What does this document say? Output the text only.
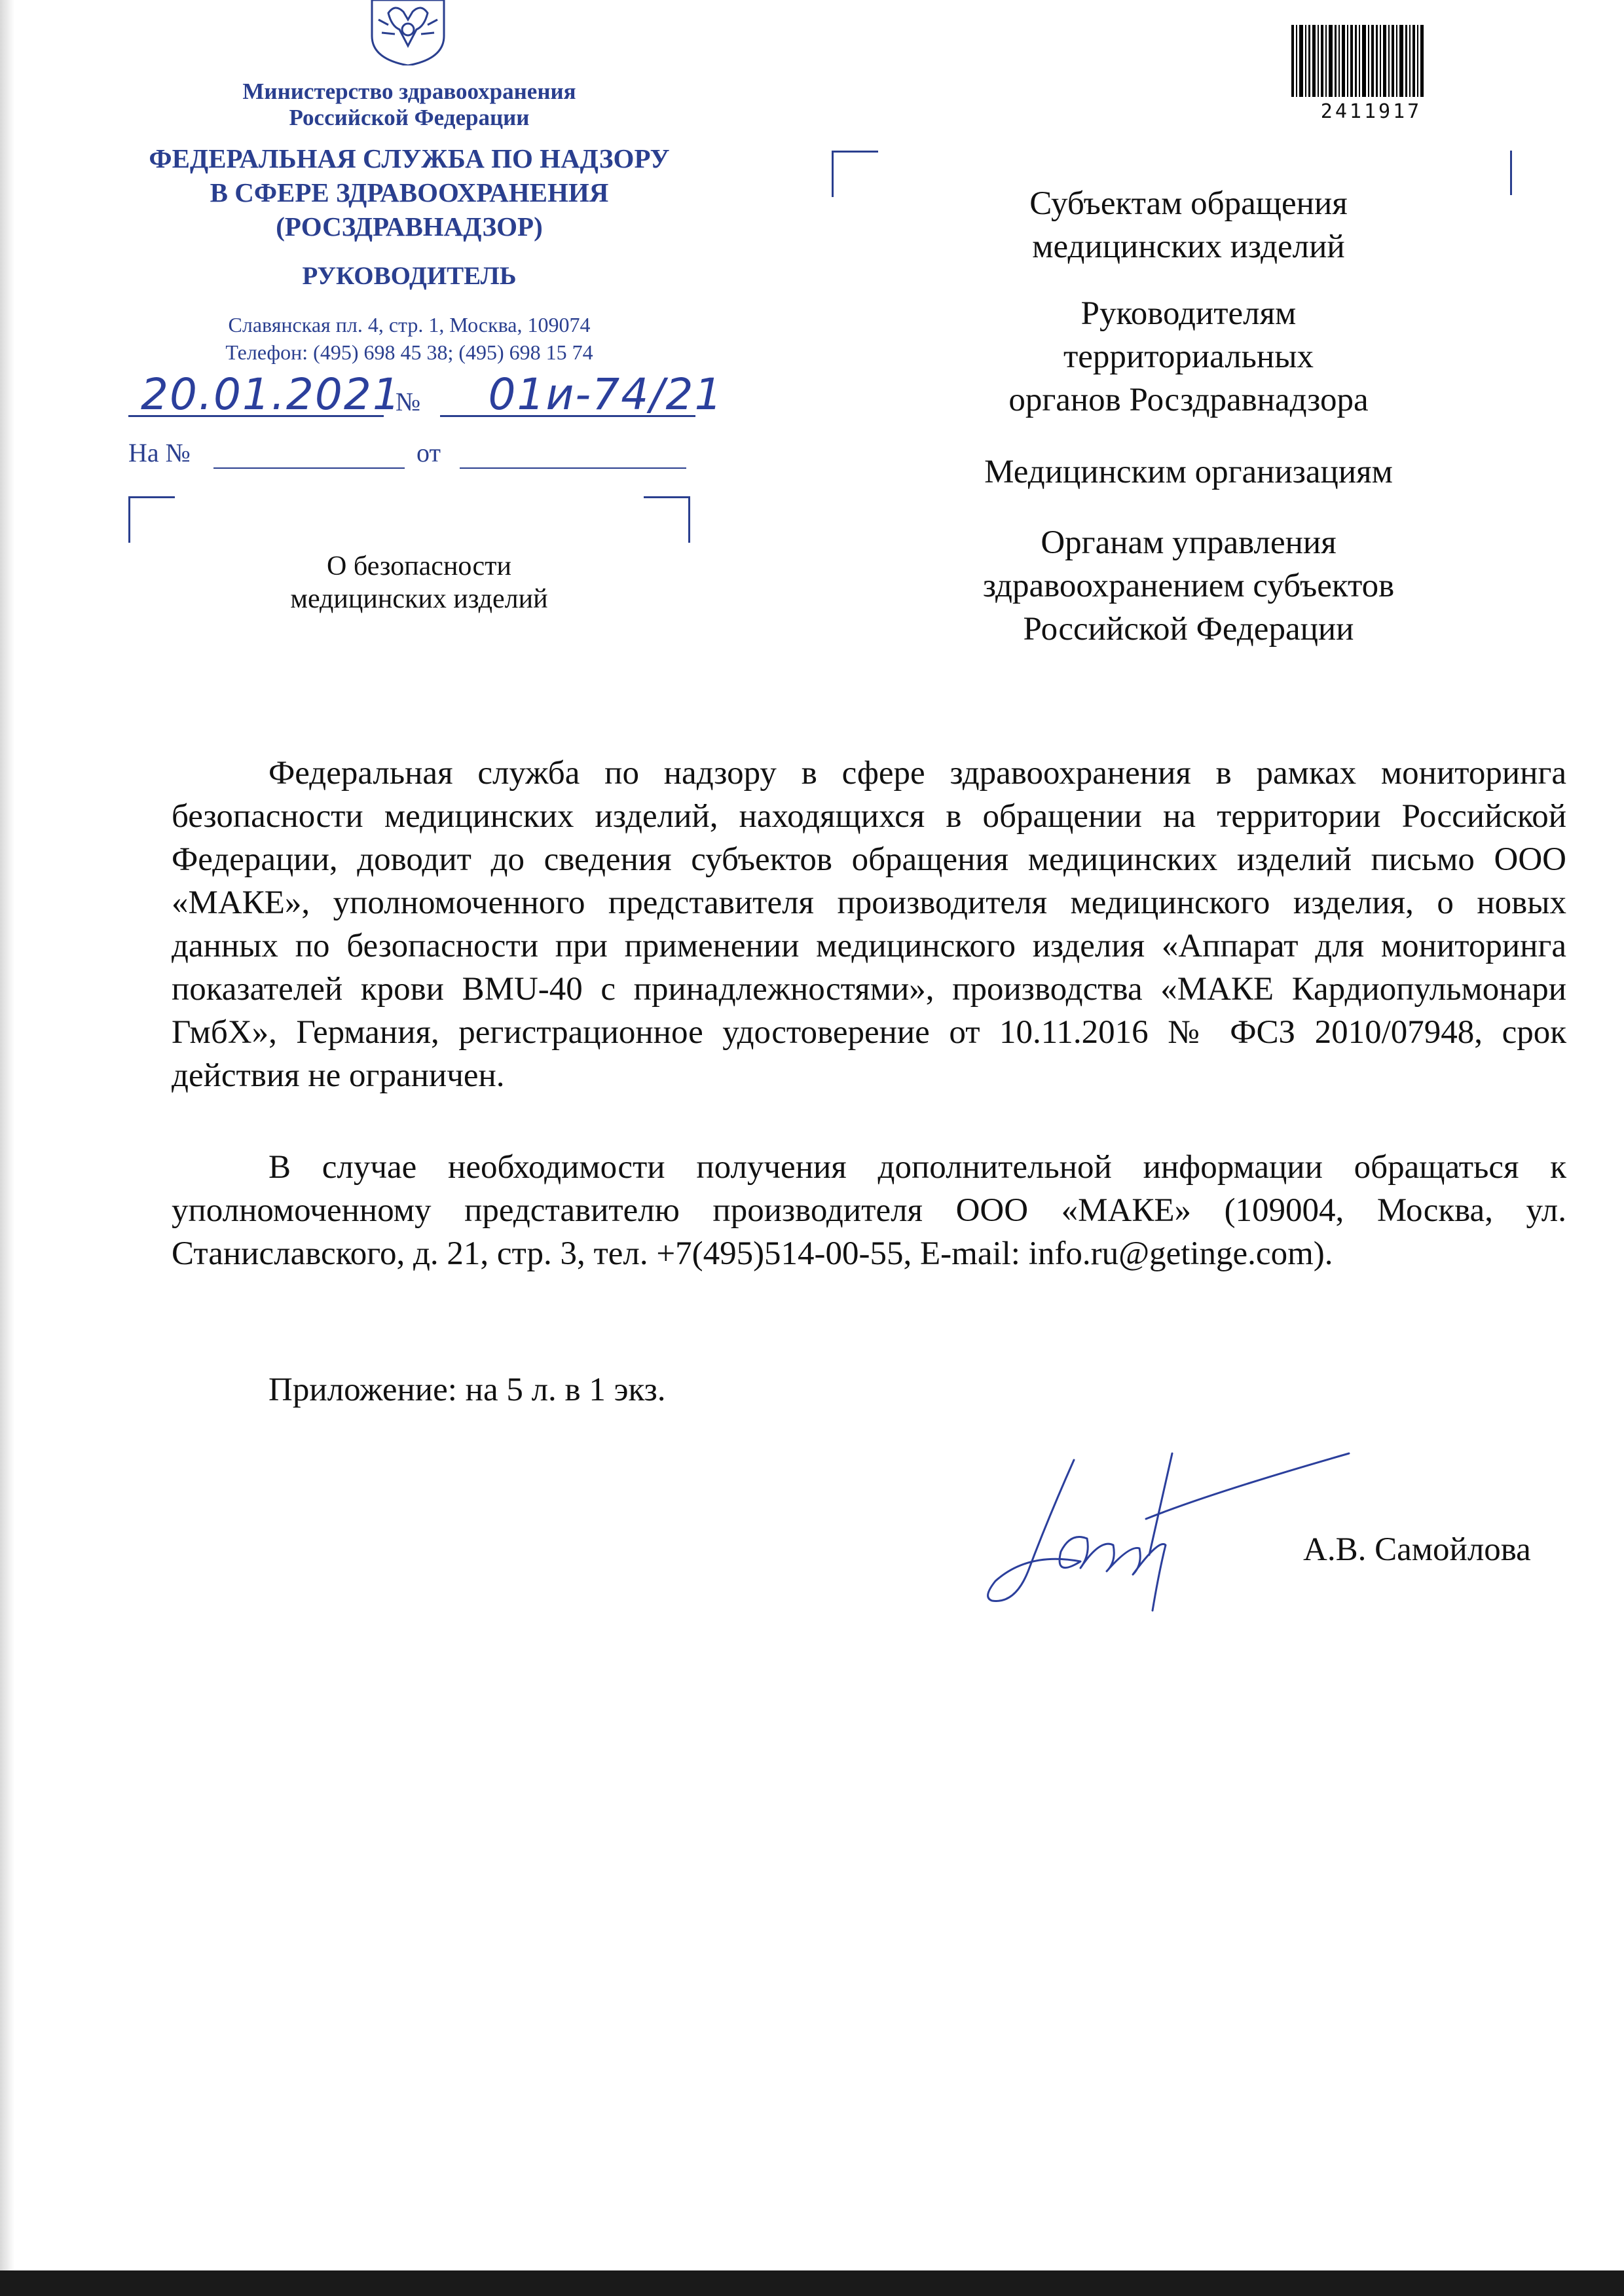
Министерство здравоохранения
Российской Федерации
ФЕДЕРАЛЬНАЯ СЛУЖБА ПО НАДЗОРУ
В СФЕРЕ ЗДРАВООХРАНЕНИЯ
(РОСЗДРАВНАДЗОР)
РУКОВОДИТЕЛЬ
Славянская пл. 4, стр. 1, Москва, 109074
Телефон: (495) 698 45 38; (495) 698 15 74
20.01.2021
№	01и-74/21
На №	от
О безопасности
медицинских изделий
2411917
Субъектам обращения
медицинских изделий
Руководителям
территориальных
органов Росздравнадзора
Медицинским организациям
Органам управления
здравоохранением субъектов
Российской Федерации
Федеральная служба по надзору в сфере здравоохранения в рамках мониторинга безопасности медицинских изделий, находящихся в обращении на территории Российской Федерации, доводит до сведения субъектов обращения медицинских изделий письмо ООО «МАКЕ», уполномоченного представителя производителя медицинского изделия, о новых данных по безопасности при применении медицинского изделия «Аппарат для мониторинга показателей крови BMU-40 с принадлежностями», производства «МАКЕ Кардиопульмонари ГмбХ», Германия, регистрационное удостоверение от 10.11.2016 № ФСЗ 2010/07948, срок действия не ограничен.
В случае необходимости получения дополнительной информации обращаться к уполномоченному представителю производителя ООО «МАКЕ» (109004, Москва, ул. Станиславского, д. 21, стр. 3, тел. +7(495)514-00-55, E-mail: info.ru@getinge.com).
Приложение: на 5 л. в 1 экз.
А.В. Самойлова
